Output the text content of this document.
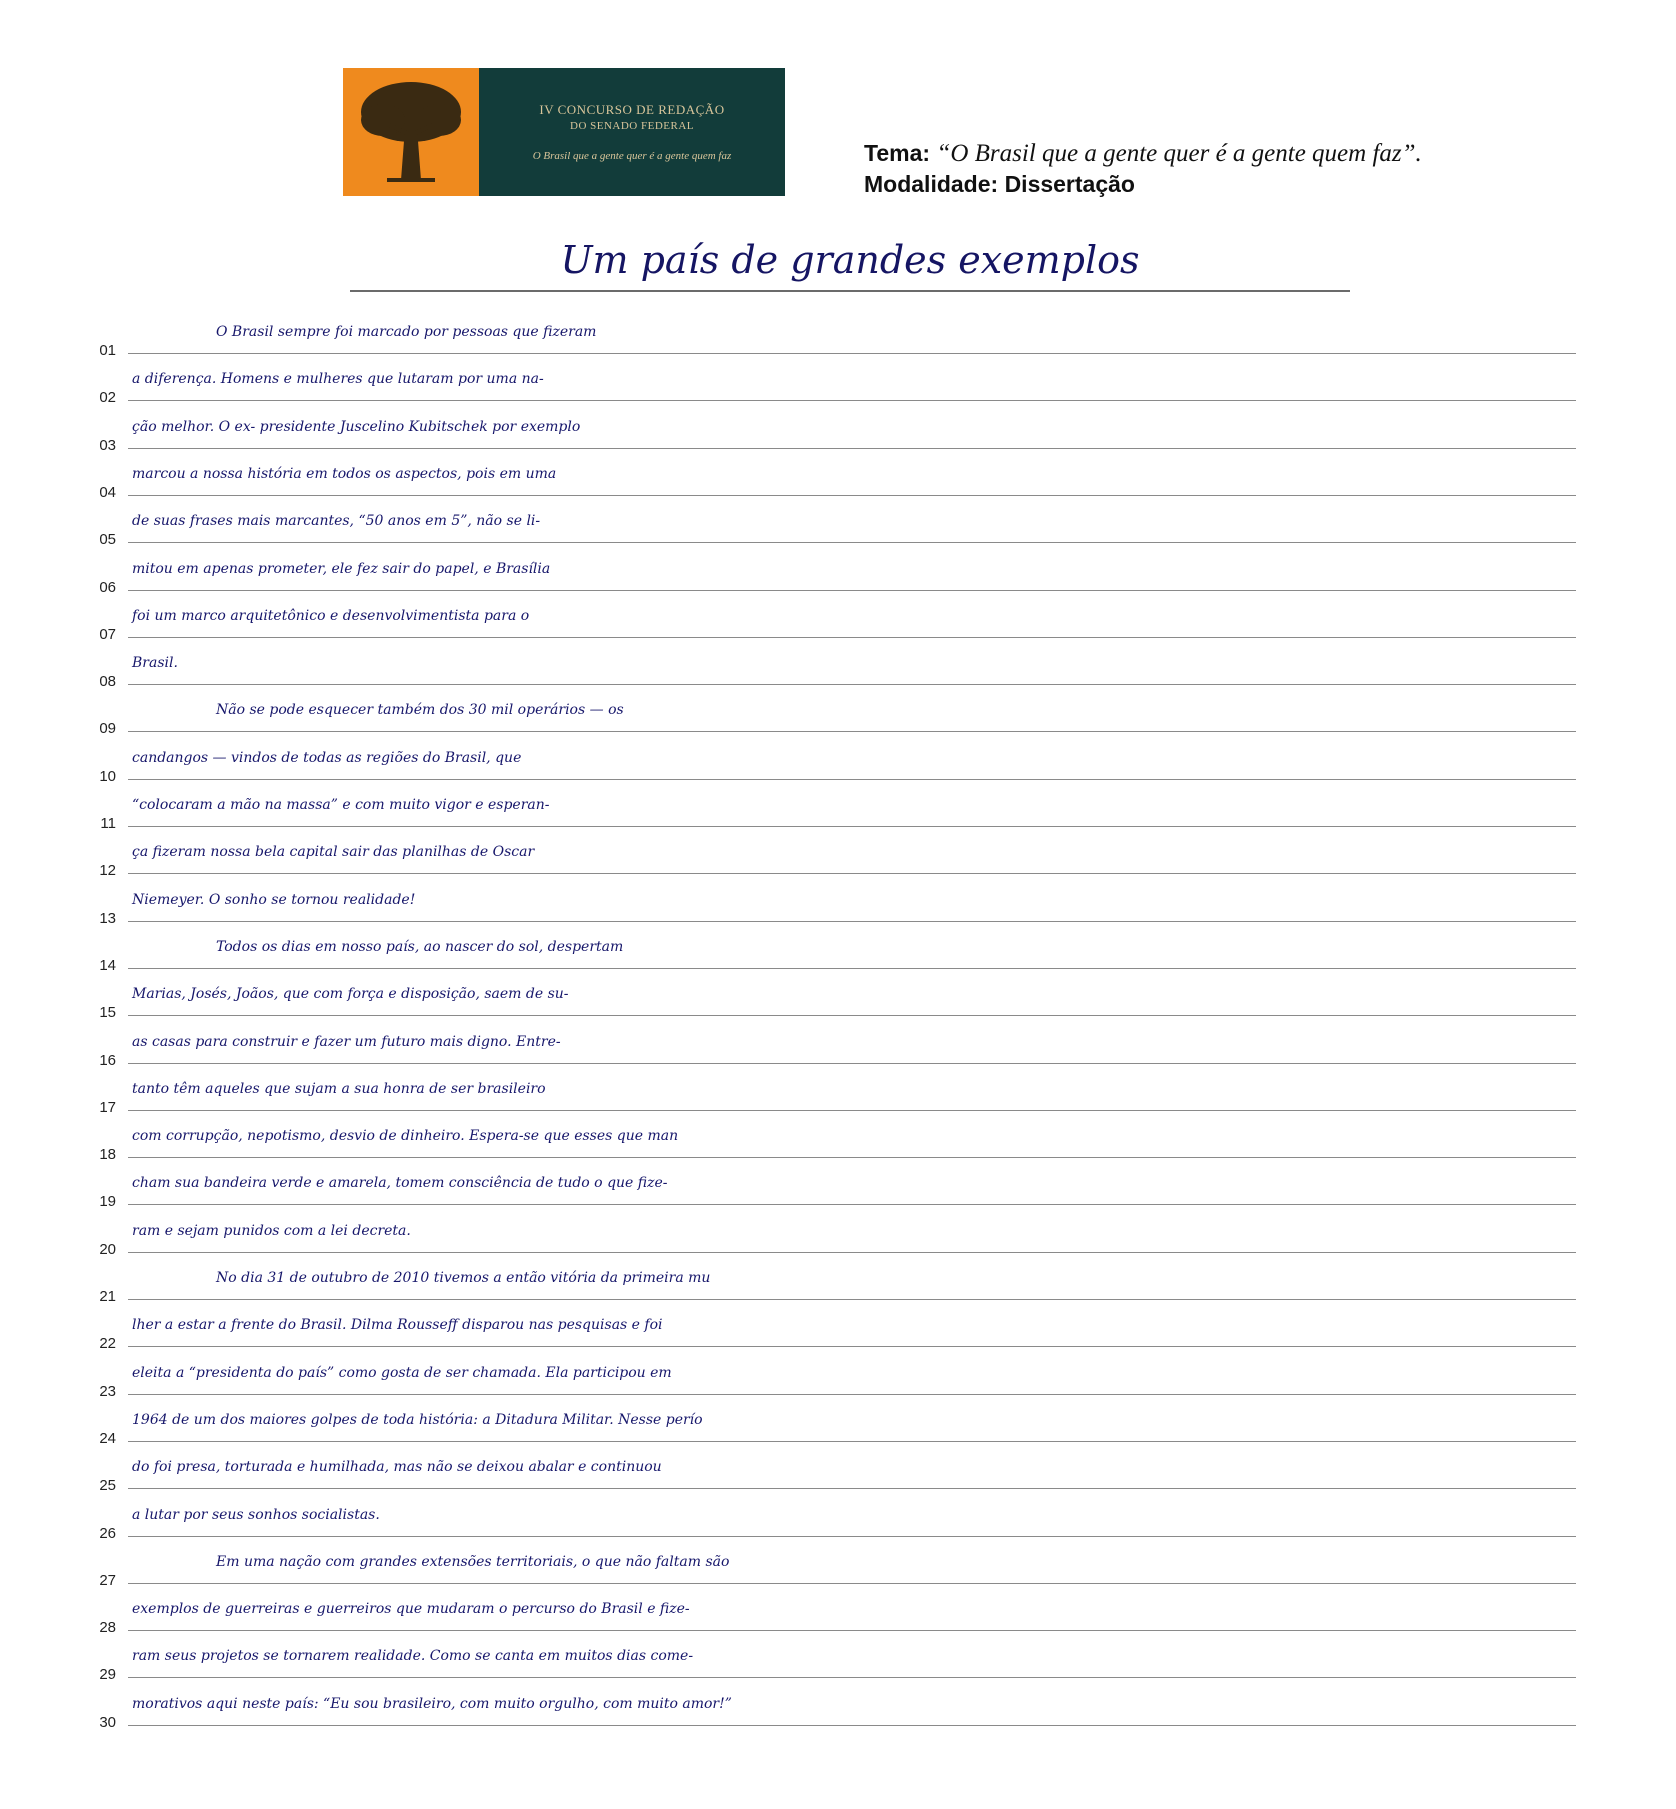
IV CONCURSO DE REDAÇÃO
DO SENADO FEDERAL
O Brasil que a gente quer é a gente quem faz	Tema: “O Brasil que a gente quer é a gente quem faz”.
Modalidade: Dissertação
Um país de grandes exemplos
01
O Brasil sempre foi marcado por pessoas que fizeram
02
a diferença. Homens e mulheres que lutaram por uma na-
03
ção melhor. O ex- presidente Juscelino Kubitschek por exemplo
04
marcou a nossa história em todos os aspectos, pois em uma
05
de suas frases mais marcantes, “50 anos em 5”, não se li-
06
mitou em apenas prometer, ele fez sair do papel, e Brasília
07
foi um marco arquitetônico e desenvolvimentista para o
08
Brasil.
09
Não se pode esquecer também dos 30 mil operários — os
10
candangos — vindos de todas as regiões do Brasil, que
11
“colocaram a mão na massa” e com muito vigor e esperan-
12
ça fizeram nossa bela capital sair das planilhas de Oscar
13
Niemeyer. O sonho se tornou realidade!
14
Todos os dias em nosso país, ao nascer do sol, despertam
15
Marias, Josés, Joãos, que com força e disposição, saem de su-
16
as casas para construir e fazer um futuro mais digno. Entre-
17
tanto têm aqueles que sujam a sua honra de ser brasileiro
18
com corrupção, nepotismo, desvio de dinheiro. Espera-se que esses que man
19
cham sua bandeira verde e amarela, tomem consciência de tudo o que fize-
20
ram e sejam punidos com a lei decreta.
21
No dia 31 de outubro de 2010 tivemos a então vitória da primeira mu
22
lher a estar a frente do Brasil. Dilma Rousseff disparou nas pesquisas e foi
23
eleita a “presidenta do país” como gosta de ser chamada. Ela participou em
24
1964 de um dos maiores golpes de toda história: a Ditadura Militar. Nesse perío
25
do foi presa, torturada e humilhada, mas não se deixou abalar e continuou
26
a lutar por seus sonhos socialistas.
27
Em uma nação com grandes extensões territoriais, o que não faltam são
28
exemplos de guerreiras e guerreiros que mudaram o percurso do Brasil e fize-
29
ram seus projetos se tornarem realidade. Como se canta em muitos dias come-
30
morativos aqui neste país: “Eu sou brasileiro, com muito orgulho, com muito amor!”
